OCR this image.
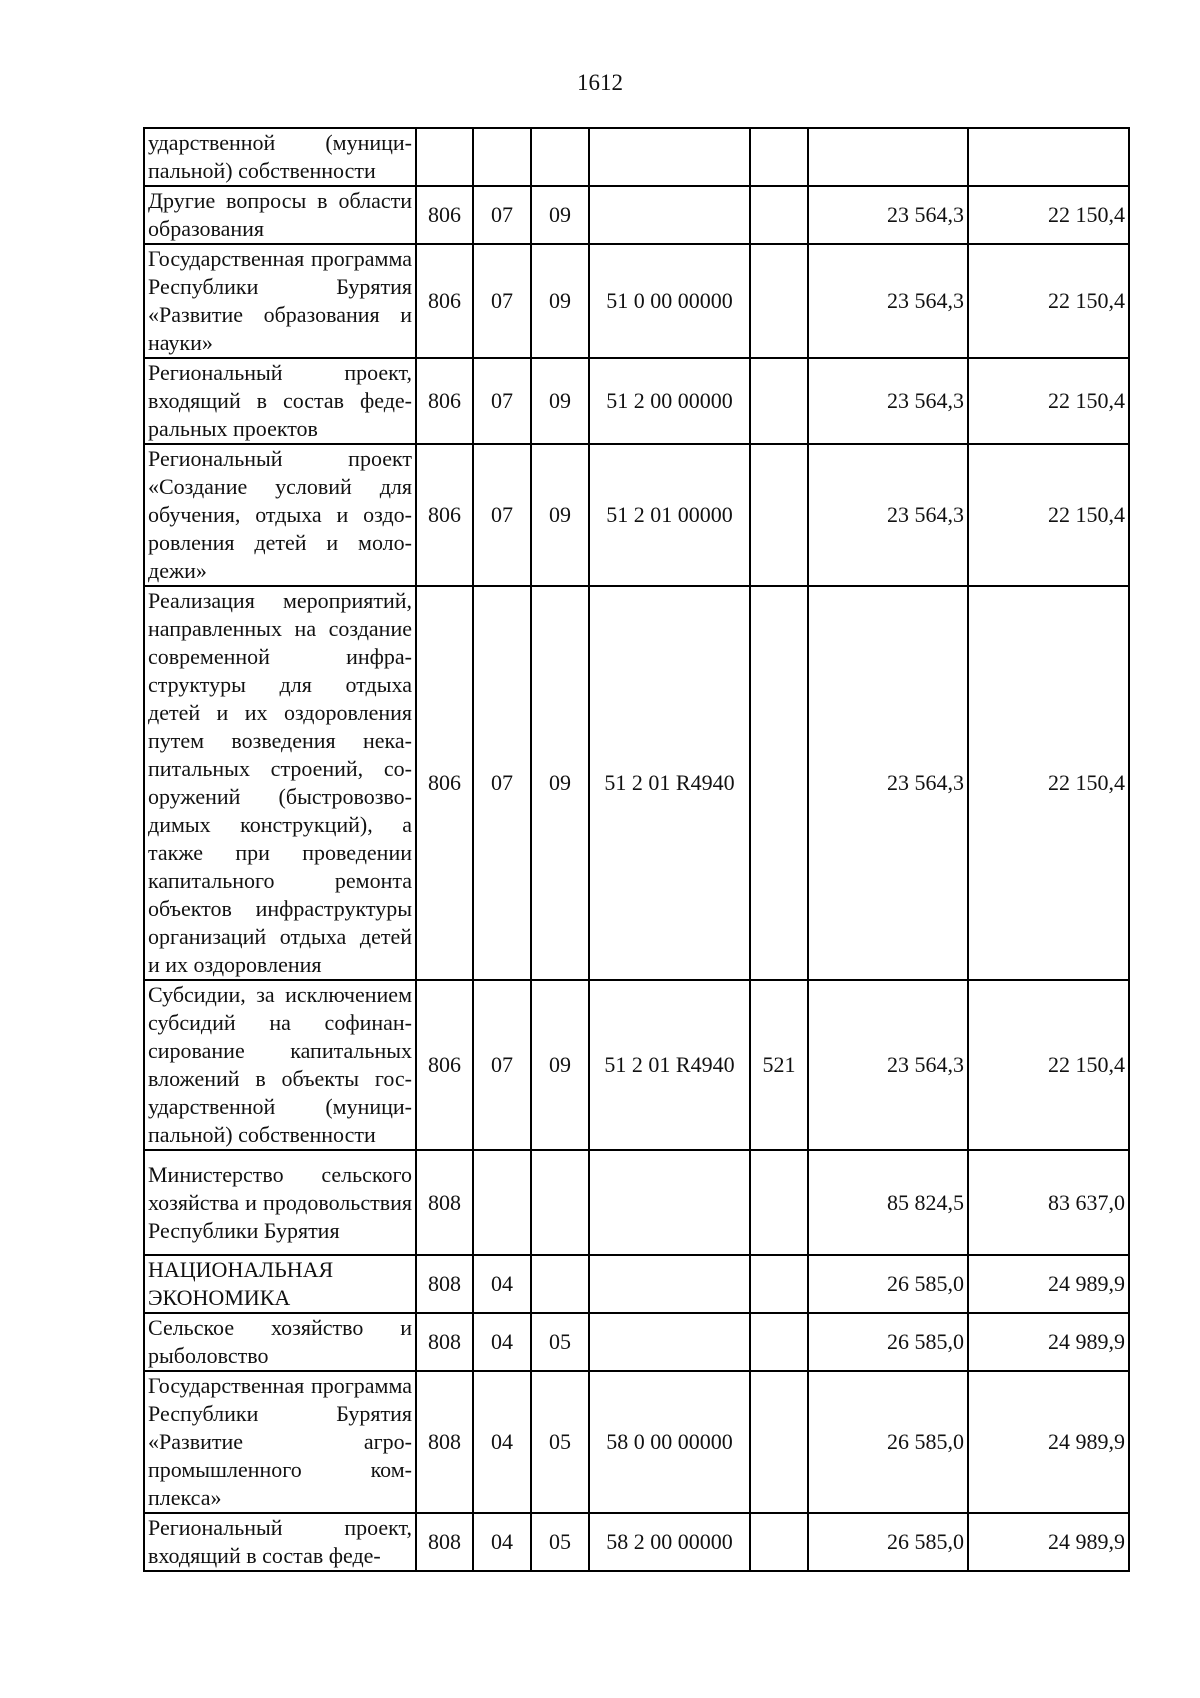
1612
ударственной (муниципальной) собственности							
Другие вопросы в области образования	806	07	09			23 564,3	22 150,4
Государственная программа Республики Бурятия «Развитие образования и науки»	806	07	09	51 0 00 00000		23 564,3	22 150,4
Региональный проект, входящий в состав федеральных проектов	806	07	09	51 2 00 00000		23 564,3	22 150,4
Региональный проект «Создание условий для обучения, отдыха и оздоровления детей и молодежи»	806	07	09	51 2 01 00000		23 564,3	22 150,4
Реализация мероприятий, направленных на создание современной инфраструктуры для отдыха детей и их оздоровления путем возведения некапитальных строений, сооружений (быстровозводимых конструкций), а также при проведении капитального ремонта объектов инфраструктуры организаций отдыха детей и их оздоровления	806	07	09	51 2 01 R4940		23 564,3	22 150,4
Субсидии, за исключением субсидий на софинансирование капитальных вложений в объекты государственной (муниципальной) собственности	806	07	09	51 2 01 R4940	521	23 564,3	22 150,4
Министерство сельского хозяйства и продовольствия Республики Бурятия	808					85 824,5	83 637,0
НАЦИОНАЛЬНАЯ ЭКОНОМИКА	808	04				26 585,0	24 989,9
Сельское хозяйство и рыболовство	808	04	05			26 585,0	24 989,9
Государственная программа Республики Бурятия «Развитие агропромышленного комплекса»	808	04	05	58 0 00 00000		26 585,0	24 989,9
Региональный проект, входящий в состав феде-	808	04	05	58 2 00 00000		26 585,0	24 989,9
